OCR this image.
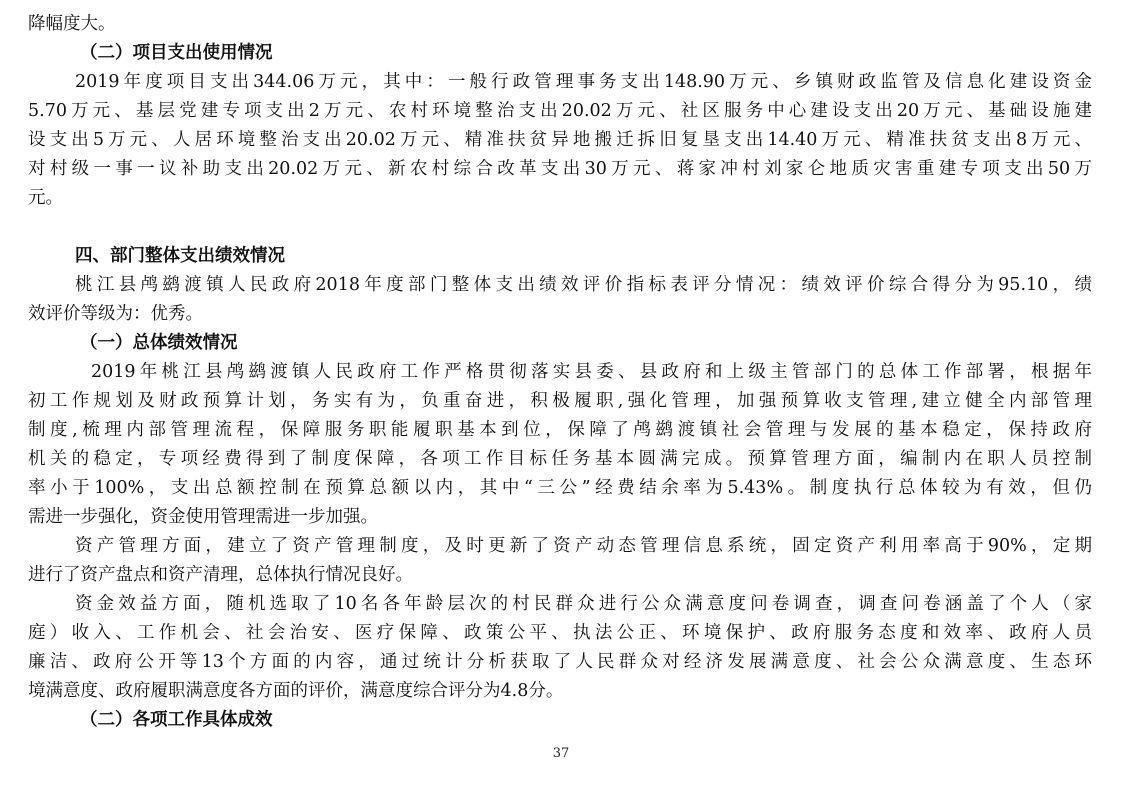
降幅度大。
（二）项目支出使用情况
2019年度项目支出344.06万元，其中：一般行政管理事务支出148.90万元、乡镇财政监管及信息化建设资金
5.70万元、基层党建专项支出2万元、农村环境整治支出20.02万元、社区服务中心建设支出20万元、基础设施建
设支出5万元、人居环境整治支出20.02万元、精准扶贫异地搬迁拆旧复垦支出14.40万元、精准扶贫支出8万元、
对村级一事一议补助支出20.02万元、新农村综合改革支出30万元、蒋家冲村刘家仑地质灾害重建专项支出50万
元。
四、部门整体支出绩效情况
桃江县鸬鹚渡镇人民政府2018年度部门整体支出绩效评价指标表评分情况：绩效评价综合得分为95.10，绩
效评价等级为：优秀。
（一）总体绩效情况
2019年桃江县鸬鹚渡镇人民政府工作严格贯彻落实县委、县政府和上级主管部门的总体工作部署，根据年
初工作规划及财政预算计划，务实有为，负重奋进，积极履职,强化管理，加强预算收支管理,建立健全内部管理
制度,梳理内部管理流程，保障服务职能履职基本到位，保障了鸬鹚渡镇社会管理与发展的基本稳定，保持政府
机关的稳定，专项经费得到了制度保障，各项工作目标任务基本圆满完成。预算管理方面，编制内在职人员控制
率小于100%，支出总额控制在预算总额以内，其中“三公”经费结余率为5.43%。制度执行总体较为有效，但仍
需进一步强化，资金使用管理需进一步加强。
资产管理方面，建立了资产管理制度，及时更新了资产动态管理信息系统，固定资产利用率高于90%，定期
进行了资产盘点和资产清理，总体执行情况良好。
资金效益方面，随机选取了10名各年龄层次的村民群众进行公众满意度问卷调查，调查问卷涵盖了个人（家
庭）收入、工作机会、社会治安、医疗保障、政策公平、执法公正、环境保护、政府服务态度和效率、政府人员
廉洁、政府公开等13个方面的内容，通过统计分析获取了人民群众对经济发展满意度、社会公众满意度、生态环
境满意度、政府履职满意度各方面的评价，满意度综合评分为4.8分。
（二）各项工作具体成效
37
